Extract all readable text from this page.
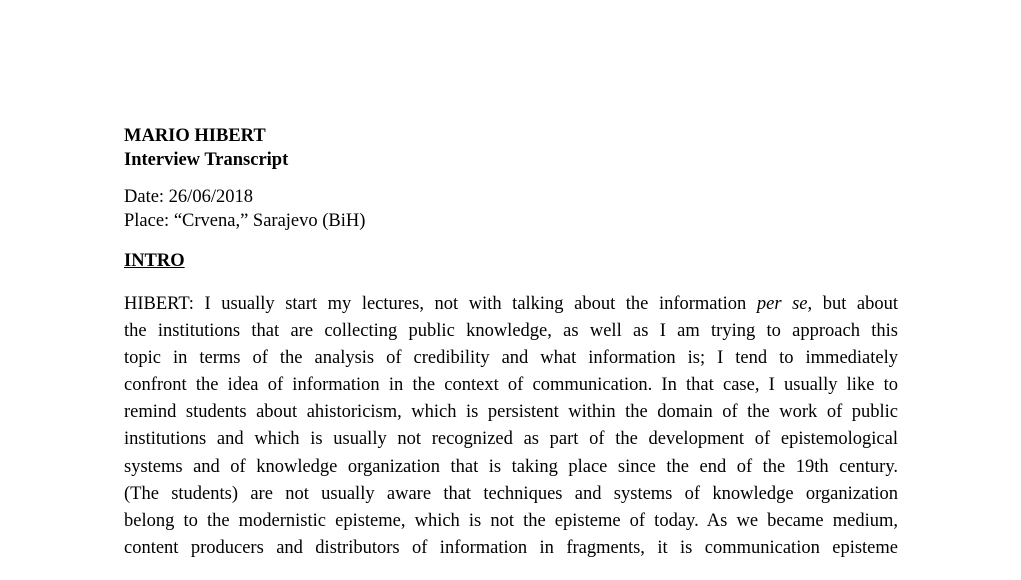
MARIO HIBERT

Interview Transcript

Date: 26/06/2018

Place: “Crvena,” Sarajevo (BiH)

INTRO

HIBERT: I usually start my lectures, not with talking about the information per se, but about
the institutions that are collecting public knowledge, as well as I am trying to approach this
topic in terms of the analysis of credibility and what information is; I tend to immediately
confront the idea of information in the context of communication. In that case, I usually like to
remind students about ahistoricism, which is persistent within the domain of the work of public
institutions and which is usually not recognized as part of the development of epistemological
systems and of knowledge organization that is taking place since the end of the 19th century.
(The students) are not usually aware that techniques and systems of knowledge organization
belong to the modernistic episteme, which is not the episteme of today. As we became medium,
content producers and distributors of information in fragments, it is communication episteme
